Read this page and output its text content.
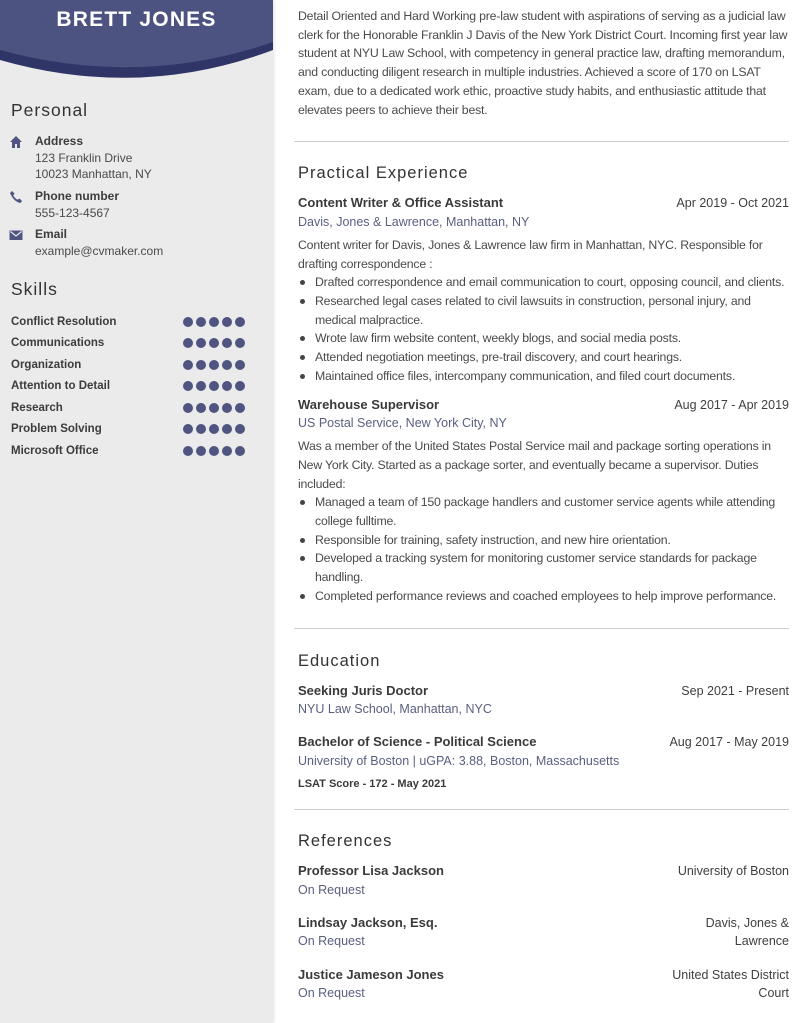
BRETT JONES
Personal
Address
123 Franklin Drive
10023 Manhattan, NY
Phone number
555-123-4567
Email
example@cvmaker.com
Skills
Conflict Resolution
Communications
Organization
Attention to Detail
Research
Problem Solving
Microsoft Office
Detail Oriented and Hard Working pre-law student with aspirations of serving as a judicial law clerk for the Honorable Franklin J Davis of the New York District Court. Incoming first year law student at NYU Law School, with competency in general practice law, drafting memorandum, and conducting diligent research in multiple industries. Achieved a score of 170 on LSAT exam, due to a dedicated work ethic, proactive study habits, and enthusiastic attitude that elevates peers to achieve their best.
Practical Experience
Content Writer & Office Assistant	Apr 2019 - Oct 2021
Davis, Jones & Lawrence, Manhattan, NY
Content writer for Davis, Jones & Lawrence law firm in Manhattan, NYC. Responsible for drafting correspondence :
Drafted correspondence and email communication to court, opposing council, and clients.
Researched legal cases related to civil lawsuits in construction, personal injury, and medical malpractice.
Wrote law firm website content, weekly blogs, and social media posts.
Attended negotiation meetings, pre-trail discovery, and court hearings.
Maintained office files, intercompany communication, and filed court documents.
Warehouse Supervisor	Aug 2017 - Apr 2019
US Postal Service, New York City, NY
Was a member of the United States Postal Service mail and package sorting operations in New York City. Started as a package sorter, and eventually became a supervisor. Duties included:
Managed a team of 150 package handlers and customer service agents while attending college fulltime.
Responsible for training, safety instruction, and new hire orientation.
Developed a tracking system for monitoring customer service standards for package handling.
Completed performance reviews and coached employees to help improve performance.
Education
Seeking Juris Doctor	Sep 2021 - Present
NYU Law School, Manhattan, NYC
Bachelor of Science - Political Science	Aug 2017 - May 2019
University of Boston | uGPA: 3.88, Boston, Massachusetts
LSAT Score - 172 - May 2021
References
Professor Lisa Jackson
On Request
University of Boston
Lindsay Jackson, Esq.
On Request
Davis, Jones & Lawrence
Justice Jameson Jones
On Request
United States District Court
